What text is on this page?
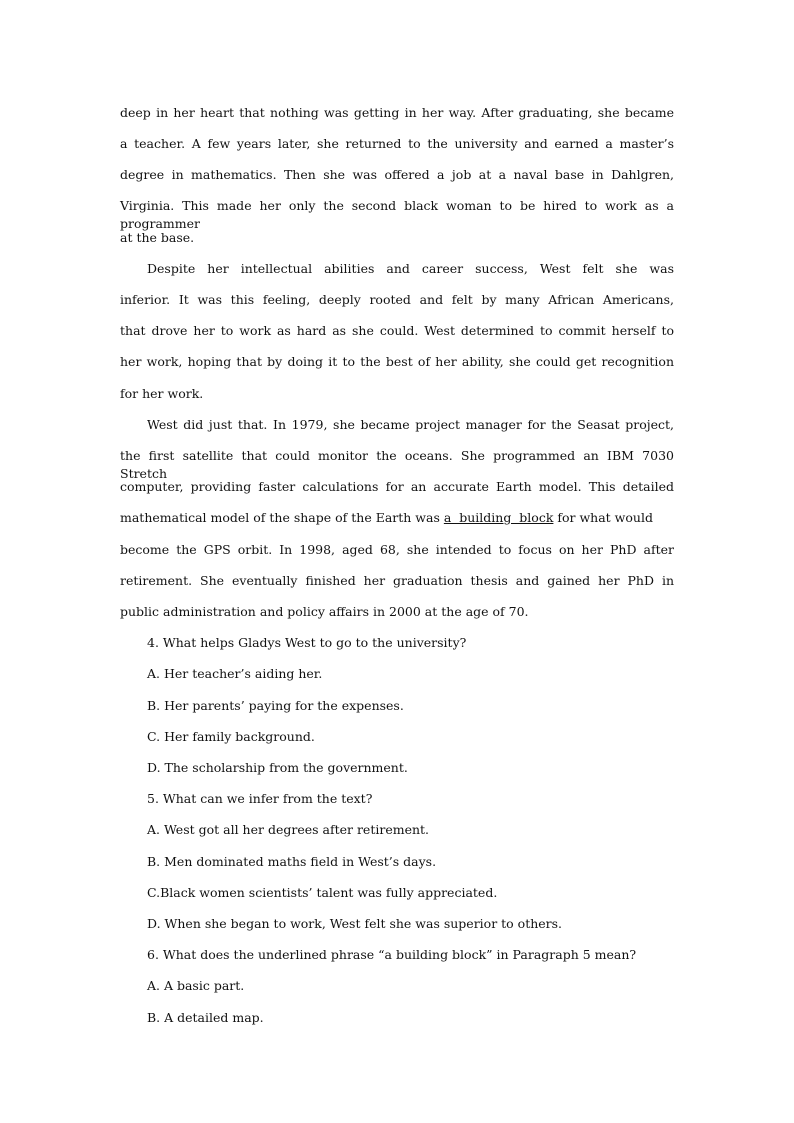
deep in her heart that nothing was getting in her way. After graduating, she became
a teacher. A few years later, she returned to the university and earned a master’s
degree in mathematics. Then she was offered a job at a naval base in Dahlgren,
Virginia. This made her only the second black woman to be hired to work as a programmer
at the base.
Despite her intellectual abilities and career success, West felt she was
inferior. It was this feeling, deeply rooted and felt by many African Americans,
that drove her to work as hard as she could. West determined to commit herself to
her work, hoping that by doing it to the best of her ability, she could get recognition
for her work.
West did just that. In 1979, she became project manager for the Seasat project,
the first satellite that could monitor the oceans. She programmed an IBM 7030 Stretch
computer, providing faster calculations for an accurate Earth model. This detailed
mathematical model of the shape of the Earth was a  building  block for what would
become the GPS orbit. In 1998, aged 68, she intended to focus on her PhD after
retirement. She eventually finished her graduation thesis and gained her PhD in
public administration and policy affairs in 2000 at the age of 70.
4. What helps Gladys West to go to the university?
A. Her teacher’s aiding her.
B. Her parents’ paying for the expenses.
C. Her family background.
D. The scholarship from the government.
5. What can we infer from the text?
A. West got all her degrees after retirement.
B. Men dominated maths field in West’s days.
C.Black women scientists’ talent was fully appreciated.
D. When she began to work, West felt she was superior to others.
6. What does the underlined phrase “a building block” in Paragraph 5 mean?
A. A basic part.
B. A detailed map.
